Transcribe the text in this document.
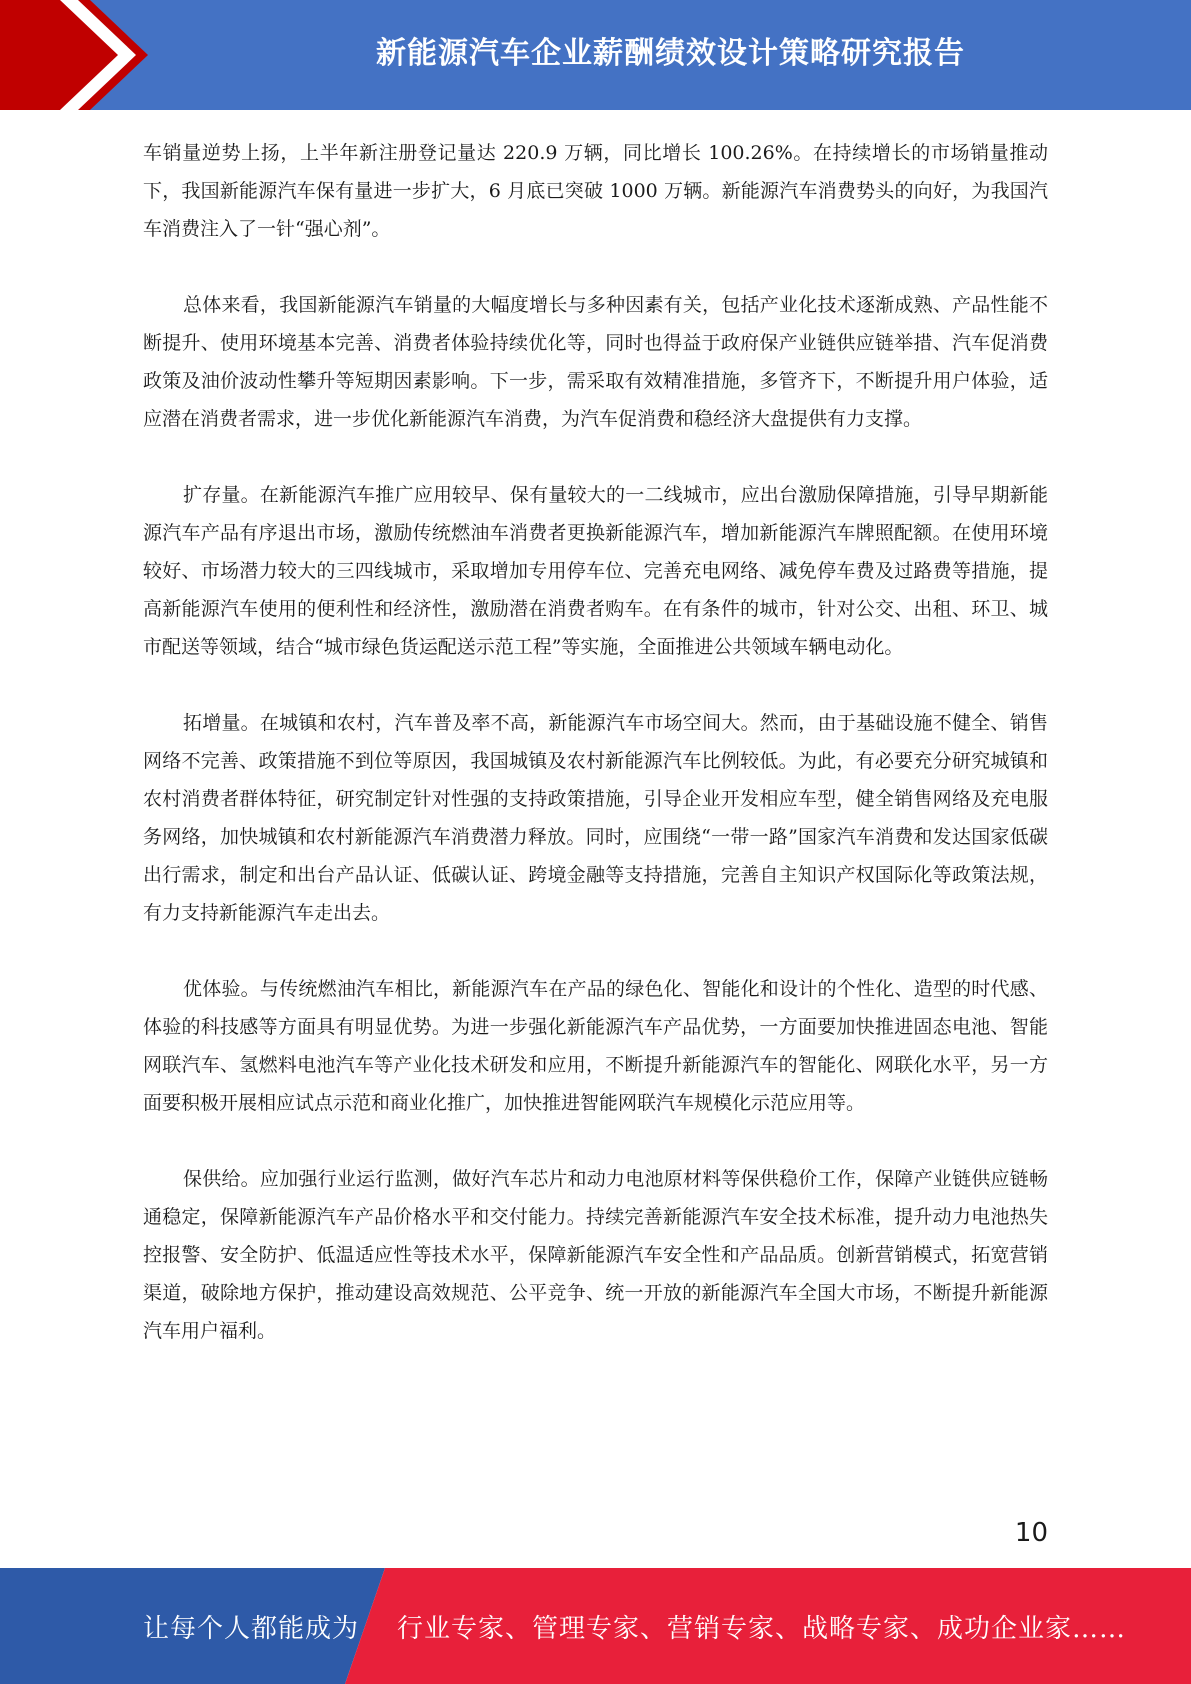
新能源汽车企业薪酬绩效设计策略研究报告

车销量逆势上扬，上半年新注册登记量达 220.9 万辆，同比增长 100.26%。在持续增长的市场销量推动下，我国新能源汽车保有量进一步扩大，6 月底已突破 1000 万辆。新能源汽车消费势头的向好，为我国汽车消费注入了一针“强心剂”。

总体来看，我国新能源汽车销量的大幅度增长与多种因素有关，包括产业化技术逐渐成熟、产品性能不断提升、使用环境基本完善、消费者体验持续优化等，同时也得益于政府保产业链供应链举措、汽车促消费政策及油价波动性攀升等短期因素影响。下一步，需采取有效精准措施，多管齐下，不断提升用户体验，适应潜在消费者需求，进一步优化新能源汽车消费，为汽车促消费和稳经济大盘提供有力支撑。

扩存量。在新能源汽车推广应用较早、保有量较大的一二线城市，应出台激励保障措施，引导早期新能源汽车产品有序退出市场，激励传统燃油车消费者更换新能源汽车，增加新能源汽车牌照配额。在使用环境较好、市场潜力较大的三四线城市，采取增加专用停车位、完善充电网络、减免停车费及过路费等措施，提高新能源汽车使用的便利性和经济性，激励潜在消费者购车。在有条件的城市，针对公交、出租、环卫、城市配送等领域，结合“城市绿色货运配送示范工程”等实施，全面推进公共领域车辆电动化。

拓增量。在城镇和农村，汽车普及率不高，新能源汽车市场空间大。然而，由于基础设施不健全、销售网络不完善、政策措施不到位等原因，我国城镇及农村新能源汽车比例较低。为此，有必要充分研究城镇和农村消费者群体特征，研究制定针对性强的支持政策措施，引导企业开发相应车型，健全销售网络及充电服务网络，加快城镇和农村新能源汽车消费潜力释放。同时，应围绕“一带一路”国家汽车消费和发达国家低碳出行需求，制定和出台产品认证、低碳认证、跨境金融等支持措施，完善自主知识产权国际化等政策法规，有力支持新能源汽车走出去。

优体验。与传统燃油汽车相比，新能源汽车在产品的绿色化、智能化和设计的个性化、造型的时代感、体验的科技感等方面具有明显优势。为进一步强化新能源汽车产品优势，一方面要加快推进固态电池、智能网联汽车、氢燃料电池汽车等产业化技术研发和应用，不断提升新能源汽车的智能化、网联化水平，另一方面要积极开展相应试点示范和商业化推广，加快推进智能网联汽车规模化示范应用等。

保供给。应加强行业运行监测，做好汽车芯片和动力电池原材料等保供稳价工作，保障产业链供应链畅通稳定，保障新能源汽车产品价格水平和交付能力。持续完善新能源汽车安全技术标准，提升动力电池热失控报警、安全防护、低温适应性等技术水平，保障新能源汽车安全性和产品品质。创新营销模式，拓宽营销渠道，破除地方保护，推动建设高效规范、公平竞争、统一开放的新能源汽车全国大市场，不断提升新能源汽车用户福利。

10
让每个人都能成为 行业专家、管理专家、营销专家、战略专家、成功企业家……
